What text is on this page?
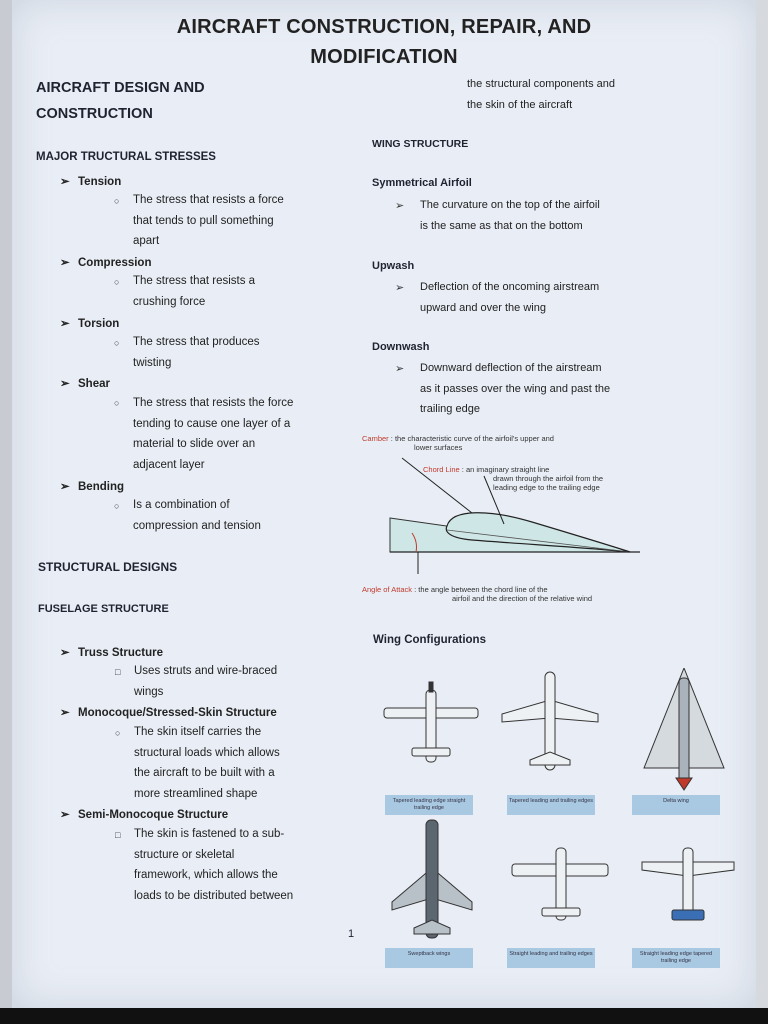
AIRCRAFT CONSTRUCTION, REPAIR, AND
MODIFICATION
AIRCRAFT DESIGN AND
CONSTRUCTION
MAJOR TRUCTURAL STRESSES
➢ Tension
○ The stress that resists a force
that tends to pull something
apart
➢ Compression
○ The stress that resists a
crushing force
➢ Torsion
○ The stress that produces
twisting
➢ Shear
○ The stress that resists the force
tending to cause one layer of a
material to slide over an
adjacent layer
➢ Bending
○ Is a combination of
compression and tension
STRUCTURAL DESIGNS
FUSELAGE STRUCTURE
➢ Truss Structure
□ Uses struts and wire-braced
wings
➢ Monocoque/Stressed-Skin Structure
○ The skin itself carries the
structural loads which allows
the aircraft to be built with a
more streamlined shape
➢ Semi-Monocoque Structure
□ The skin is fastened to a sub-
structure or skeletal
framework, which allows the
loads to be distributed between
the structural components and
the skin of the aircraft
WING STRUCTURE
Symmetrical Airfoil
➢ The curvature on the top of the airfoil
is the same as that on the bottom
Upwash
➢ Deflection of the oncoming airstream
upward and over the wing
Downwash
➢ Downward deflection of the airstream
as it passes over the wing and past the
trailing edge
Camber : the characteristic curve of the airfoil's upper and
lower surfaces
Chord Line : an imaginary straight line
drawn through the airfoil from the
leading edge to the trailing edge
Angle of Attack : the angle between the chord line of the
airfoil and the direction of the relative wind
Wing Configurations
Tapered leading edge straight trailing edge
Tapered leading and trailing edges	Delta wing
Sweptback wings	Straight leading and trailing edges	Straight leading edge tapered trailing edge
1
